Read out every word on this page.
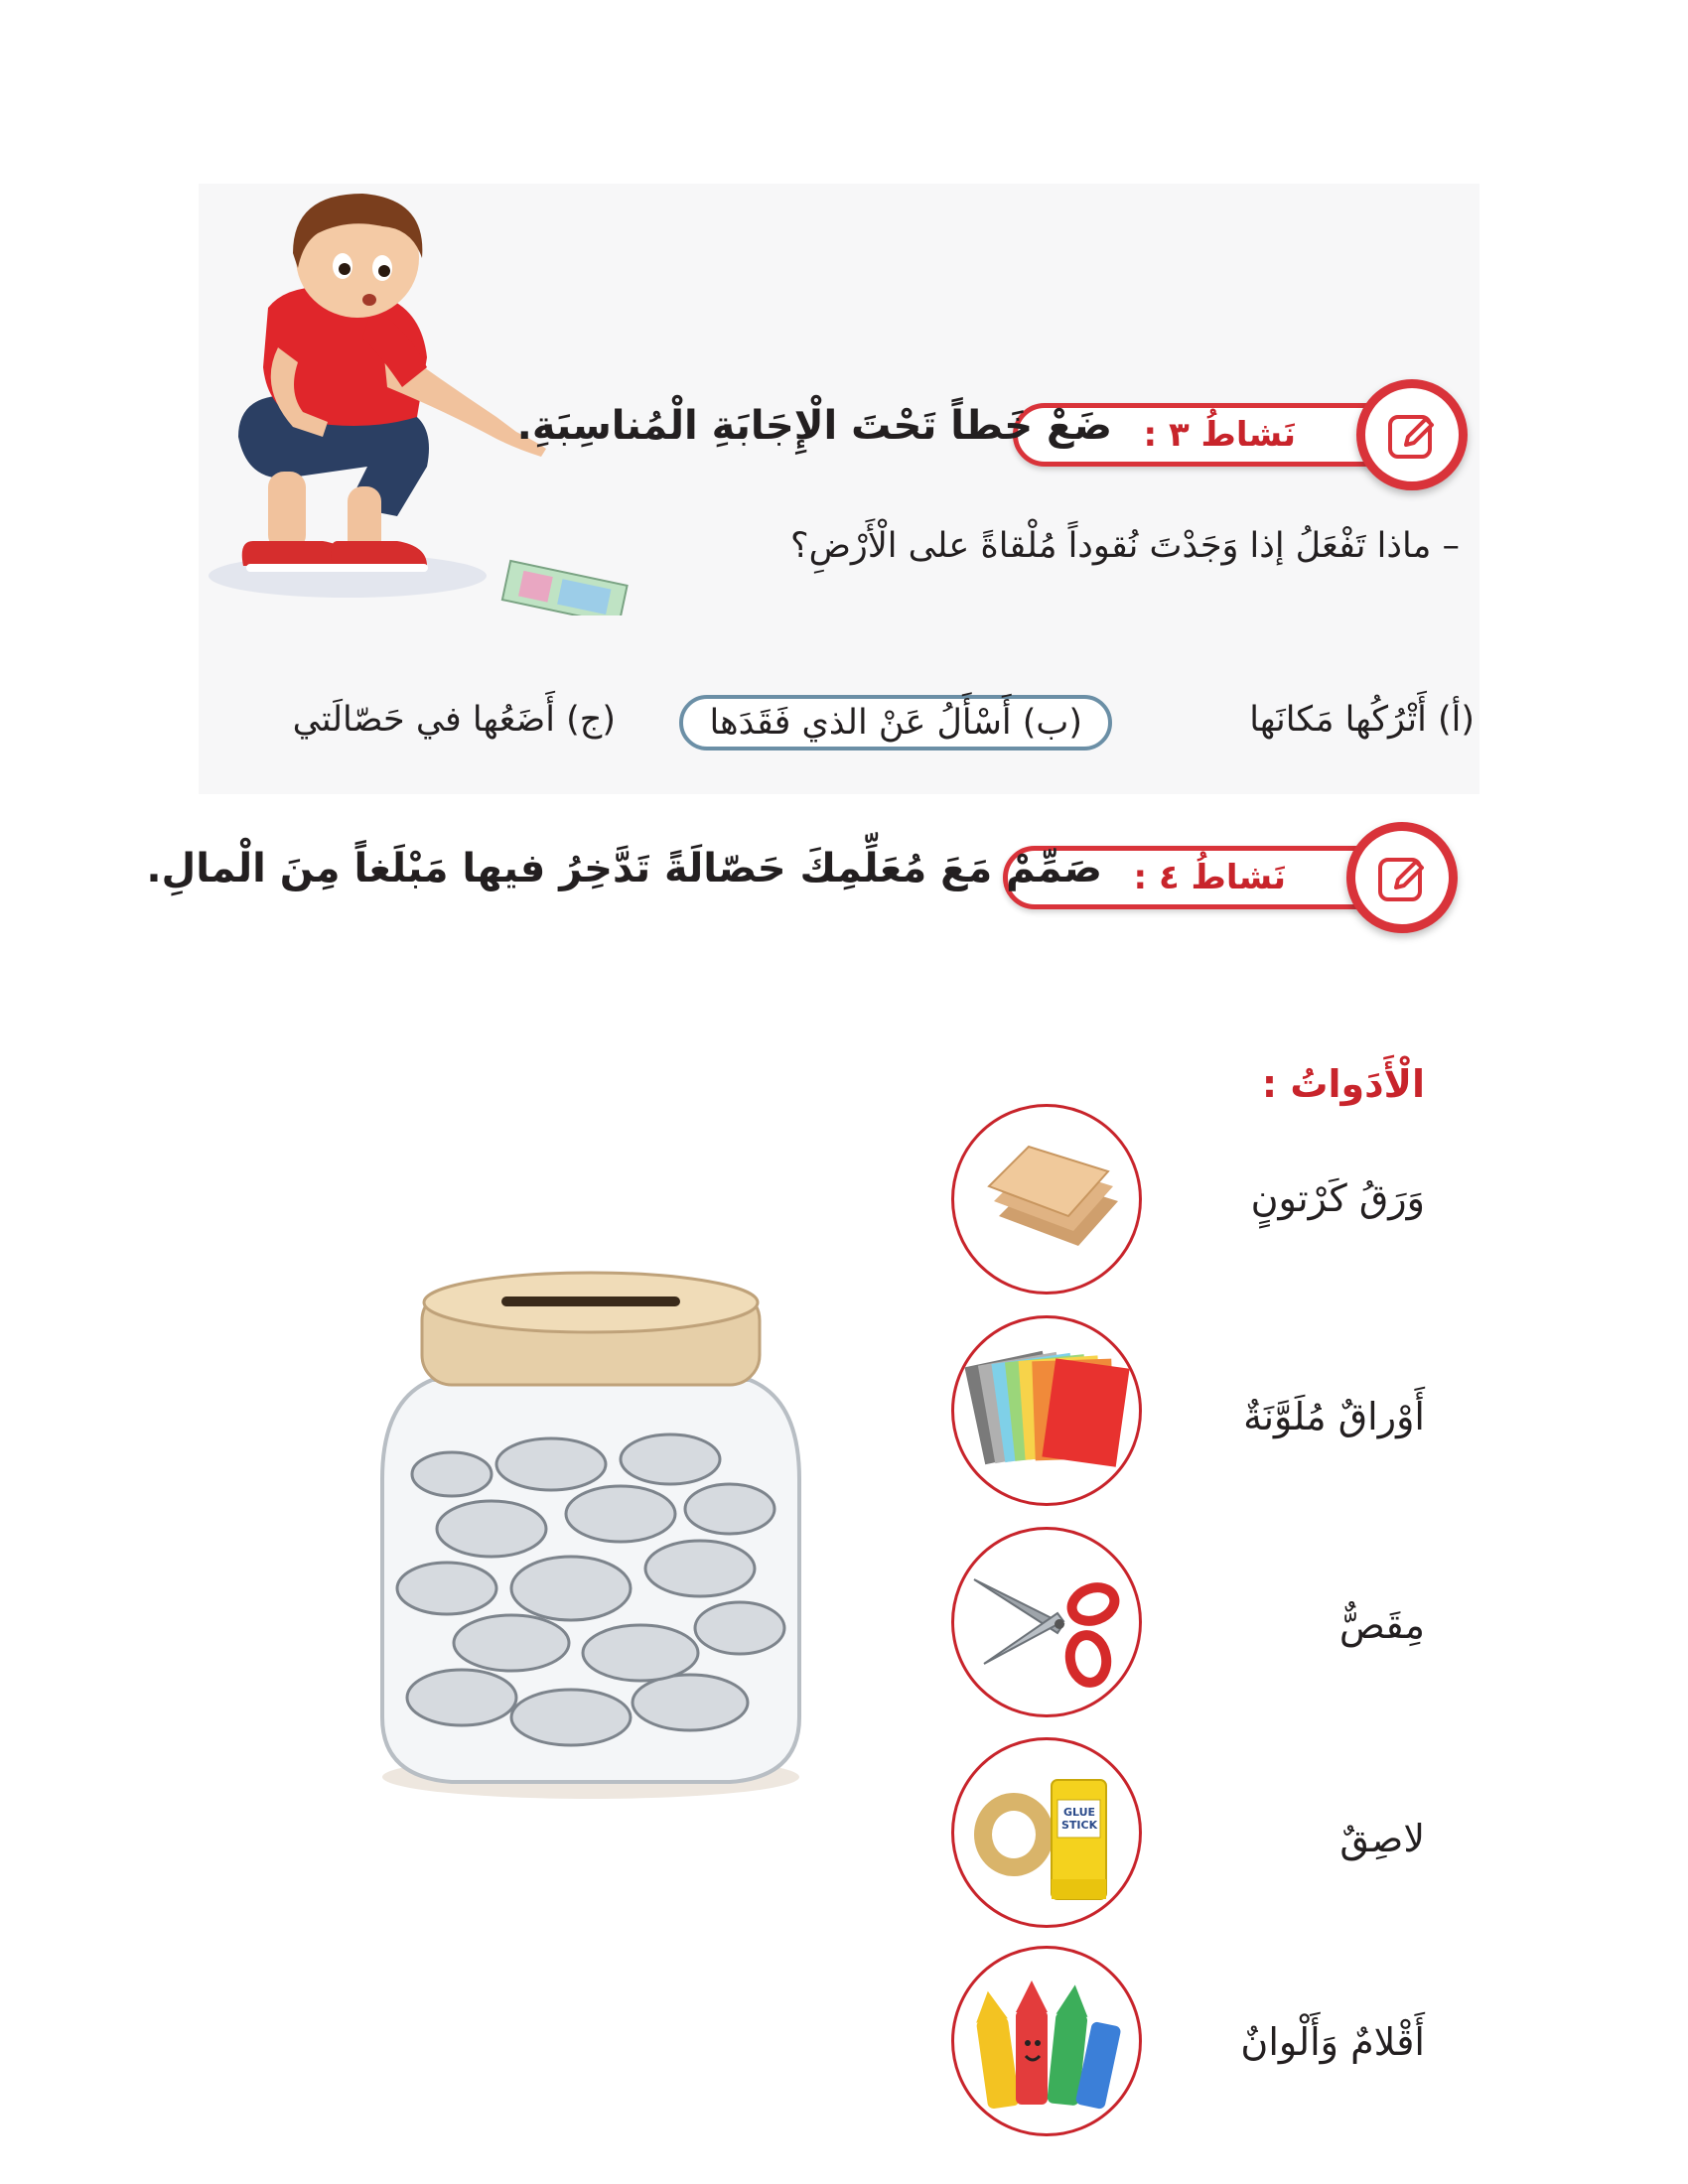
نَشاطُ ٣ :
ضَعْ خَطاً تَحْتَ الْإِجَابَةِ الْمُناسِبَةِ.
– ماذا تَفْعَلُ إذا وَجَدْتَ نُقوداً مُلْقاةً على الْأَرْضِ؟
(أ) أَتْرُكُها مَكانَها
(ب) أَسْأَلُ عَنْ الذي فَقَدَها
(ج) أَضَعُها في حَصّالَتي
نَشاطُ ٤ :
صَمِّمْ مَعَ مُعَلِّمِكَ حَصّالَةً تَدَّخِرُ فيها مَبْلَغاً مِنَ الْمالِ.
الْأَدَواتُ :
وَرَقُ كَرْتونٍ
أَوْراقٌ مُلَوَّنَةٌ
مِقَصٌّ
GLUE STICK	لاصِقٌ
أَقْلامٌ وَأَلْوانٌ
